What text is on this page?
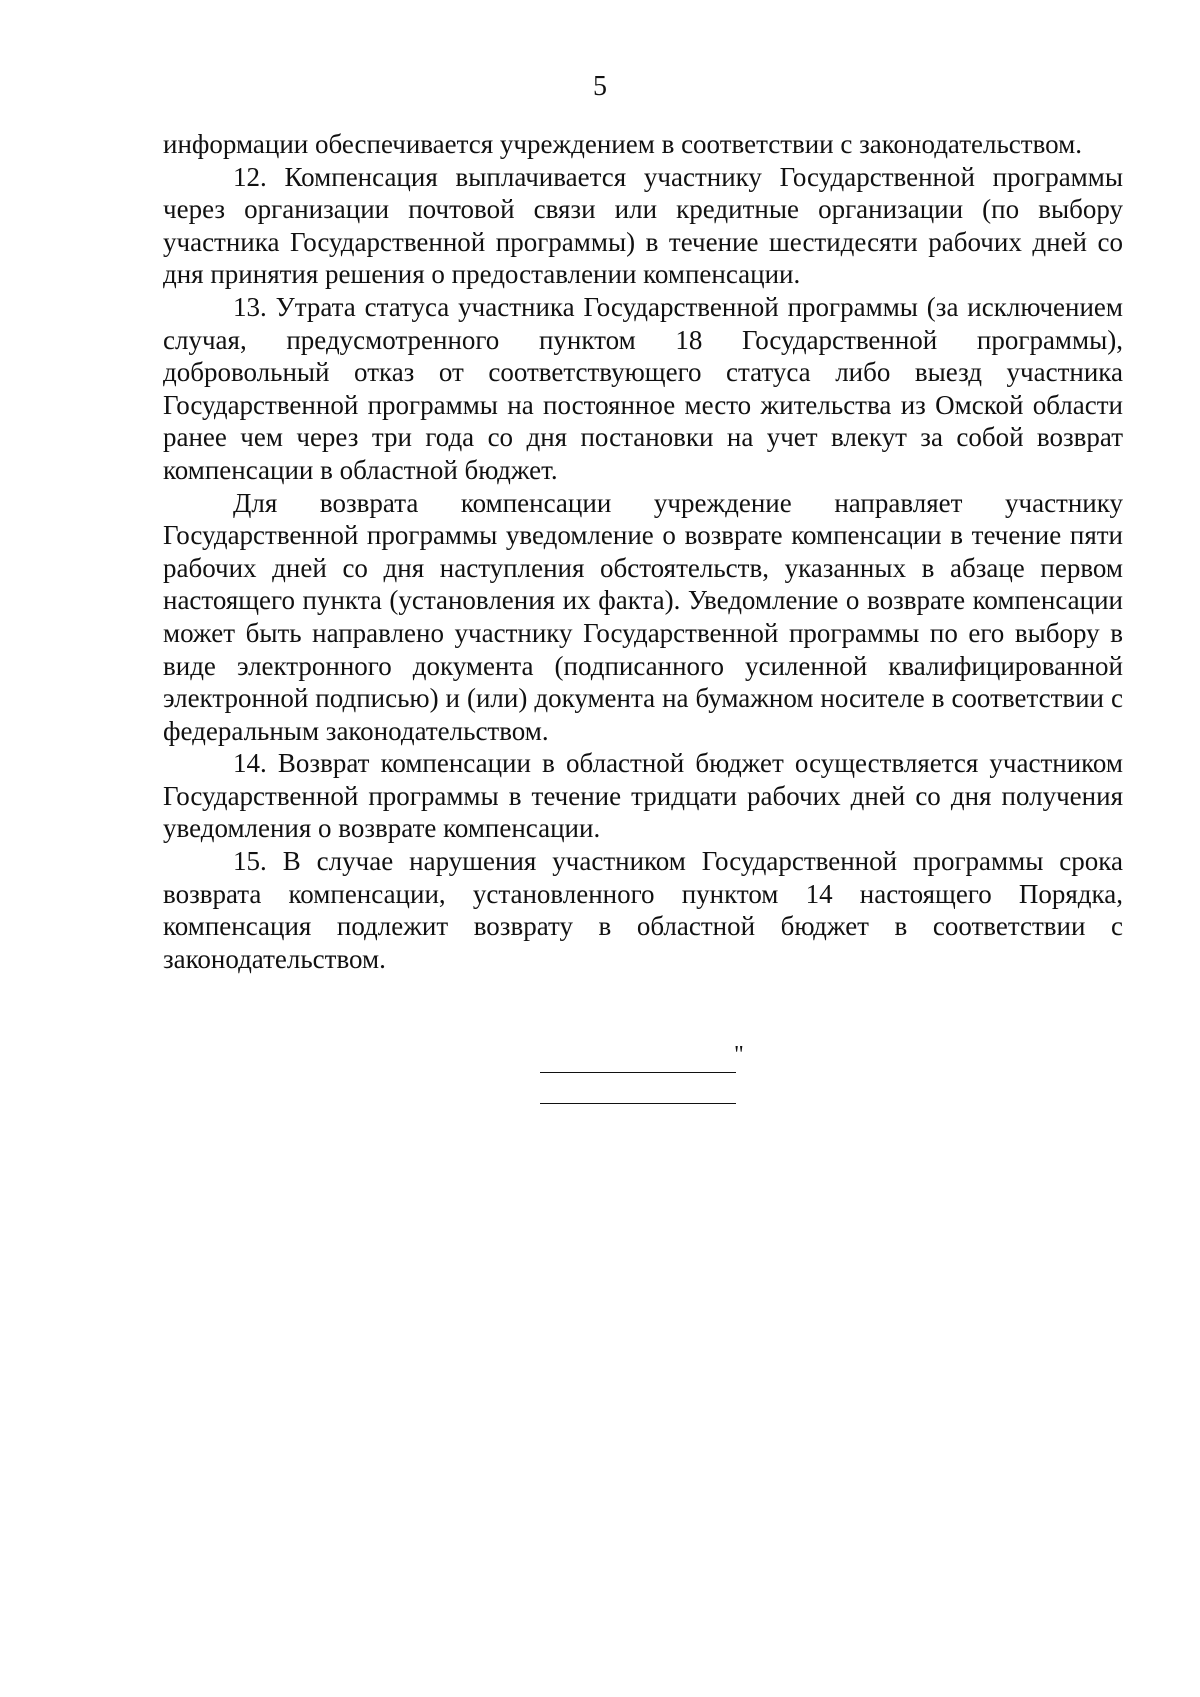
5

информации обеспечивается учреждением в соответствии с законодательством.

12. Компенсация выплачивается участнику Государственной программы через организации почтовой связи или кредитные организации (по выбору участника Государственной программы) в течение шестидесяти рабочих дней со дня принятия решения о предоставлении компенсации.

13. Утрата статуса участника Государственной программы (за исключением случая, предусмотренного пунктом 18 Государственной программы), добровольный отказ от соответствующего статуса либо выезд участника Государственной программы на постоянное место жительства из Омской области ранее чем через три года со дня постановки на учет влекут за собой возврат компенсации в областной бюджет.

Для возврата компенсации учреждение направляет участнику Государственной программы уведомление о возврате компенсации в течение пяти рабочих дней со дня наступления обстоятельств, указанных в абзаце первом настоящего пункта (установления их факта). Уведомление о возврате компенсации может быть направлено участнику Государственной программы по его выбору в виде электронного документа (подписанного усиленной квалифицированной электронной подписью) и (или) документа на бумажном носителе в соответствии с федеральным законодательством.

14. Возврат компенсации в областной бюджет осуществляется участником Государственной программы в течение тридцати рабочих дней со дня получения уведомления о возврате компенсации.

15. В случае нарушения участником Государственной программы срока возврата компенсации, установленного пунктом 14 настоящего Порядка, компенсация подлежит возврату в областной бюджет в соответствии с законодательством.

"
